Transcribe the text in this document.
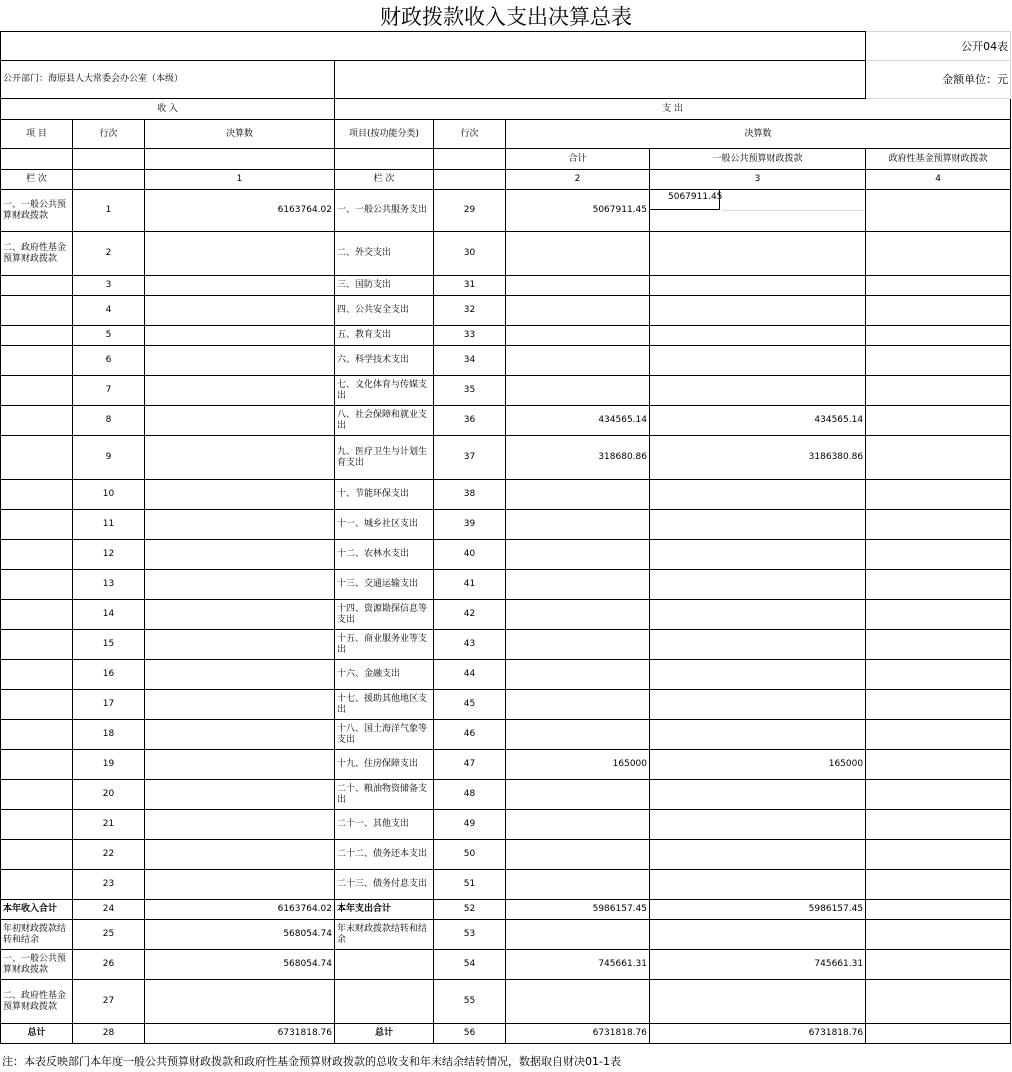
财政拨款收入支出决算总表
							公开04表
公开部门：海原县人大常委会办公室（本级）							金额单位：元
收 入			支 出				
项 目	行次	决算数	项目(按功能分类)	行次	决算数		
					合计	一般公共预算财政拨款	政府性基金预算财政拨款
栏 次		1	栏 次		2	3	4
一、一般公共预算财政拨款	1	6163764.02	一、一般公共服务支出	29	5067911.45	5067911.45	

二、政府性基金预算财政拨款	2		二、外交支出	30			
	3		三、国防支出	31			
	4		四、公共安全支出	32			
	5		五、教育支出	33			
	6		六、科学技术支出	34			
	7		七、文化体育与传媒支出	35			
	8		八、社会保障和就业支出	36	434565.14	434565.14	
	9		九、医疗卫生与计划生育支出	37	318680.86	3186380.86	
	10		十、节能环保支出	38			
	11		十一、城乡社区支出	39			
	12		十二、农林水支出	40			
	13		十三、交通运输支出	41			
	14		十四、资源勘探信息等支出	42			
	15		十五、商业服务业等支出	43			
	16		十六、金融支出	44			
	17		十七、援助其他地区支出	45			
	18		十八、国土海洋气象等支出	46			
	19		十九、住房保障支出	47	165000	165000	
	20		二十、粮油物资储备支出	48			
	21		二十一、其他支出	49			
	22		二十二、债务还本支出	50			
	23		二十三、债务付息支出	51			
本年收入合计	24	6163764.02	本年支出合计	52	5986157.45	5986157.45	
年初财政拨款结转和结余	25	568054.74	年末财政拨款结转和结余	53			
一、一般公共预算财政拨款	26	568054.74		54	745661.31	745661.31	
二、政府性基金预算财政拨款	27			55			
总计	28	6731818.76	总计	56	6731818.76	6731818.76	
注：本表反映部门本年度一般公共预算财政拨款和政府性基金预算财政拨款的总收支和年末结余结转情况，数据取自财决01-1表
